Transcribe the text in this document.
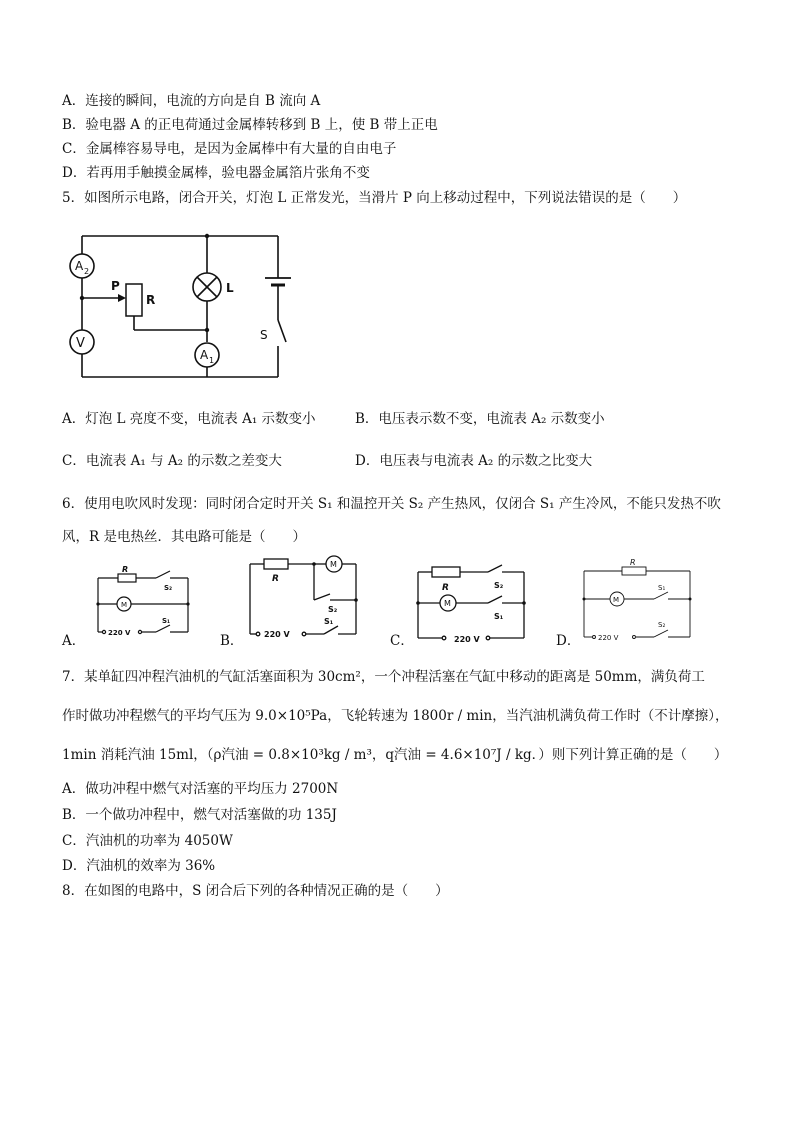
A．连接的瞬间，电流的方向是自 B 流向 A
B．验电器 A 的正电荷通过金属棒转移到 B 上，使 B 带上正电
C．金属棒容易导电，是因为金属棒中有大量的自由电子
D．若再用手触摸金属棒，验电器金属箔片张角不变
5．如图所示电路，闭合开关，灯泡 L 正常发光，当滑片 P 向上移动过程中，下列说法错误的是（　　）
A 2
V
A 1
P
R
L
S
A．灯泡 L 亮度不变，电流表 A₁ 示数变小	B．电压表示数不变，电流表 A₂ 示数变小
C．电流表 A₁ 与 A₂ 的示数之差变大	D．电压表与电流表 A₂ 的示数之比变大
6．使用电吹风时发现：同时闭合定时开关 S₁ 和温控开关 S₂ 产生热风，仅闭合 S₁ 产生冷风，不能只发热不吹
风，R 是电热丝．其电路可能是（　　）
A．
R
M
S₂
S₁
220 V	B．
R
M
S₂
S₁
220 V	C．
R
M
S₂
S₁
220 V	D．
R
M
S₁
S₂
220 V
7．某单缸四冲程汽油机的气缸活塞面积为 30cm²，一个冲程活塞在气缸中移动的距离是 50mm，满负荷工
作时做功冲程燃气的平均气压为 9.0×10⁵Pa，飞轮转速为 1800r / min，当汽油机满负荷工作时（不计摩擦），
1min 消耗汽油 15ml，（ρ汽油 = 0.8×10³kg / m³，q汽油 = 4.6×10⁷J / kg．）则下列计算正确的是（　　）
A．做功冲程中燃气对活塞的平均压力 2700N
B．一个做功冲程中，燃气对活塞做的功 135J
C．汽油机的功率为 4050W
D．汽油机的效率为 36%
8．在如图的电路中，S 闭合后下列的各种情况正确的是（　　）
